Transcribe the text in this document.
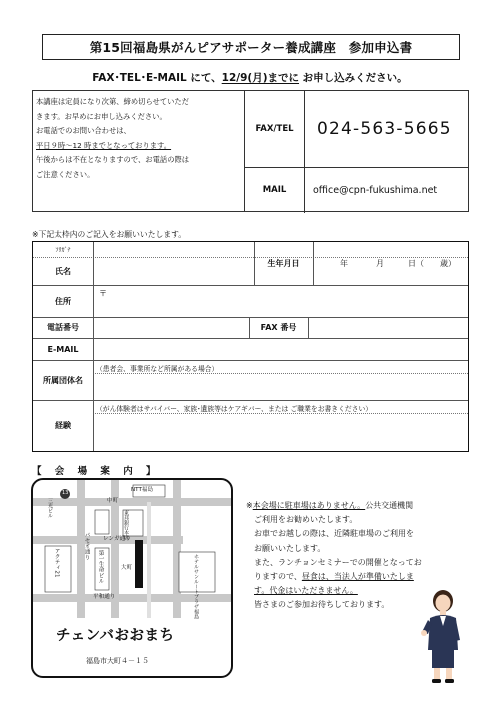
第15回福島県がんピアサポーター養成講座　参加申込書
FAX･TEL･E-MAIL にて、12/9(月)までに お申し込みください。
本講座は定員になり次第、締め切らせていただ
きます。お早めにお申し込みください。
お電話でのお問い合わせは、
平日９時～12 時までとなっております。
午後からは不在となりますので、お電話の際は
ご注意ください。
FAX/TEL	024-563-5665
MAIL	office@cpn-fukushima.net
※下記太枠内のご記入をお願いいたします。
ﾌﾘｶﾞﾅ
氏名
生年月日	年	月	日（ 歳）
住所
〒
電話番号	FAX 番号
E-MAIL
所属団体名
（患者会、事業所など所属がある場合）
経験
（がん体験者はサバイバー、家族･遺族等はケアギバー、または ご職業をお書きください）
【 会 場 案 内 】
NTT福島
中町
13
三光ビル
東邦銀行本店
レンガ通り
パセオ通り
アクティ21	第一生命ビル	大町	ホテルサンルートプラザ福島
平和通り
チェンバおおまち
福島市大町４－１５

※本会場に駐車場はありません。公共交通機関

ご利用をお勧めいたします。

お車でお越しの際は、近隣駐車場のご利用を

お願いいたします。

また、ランチョンセミナーでの開催となってお

りますので、昼食は、当法人が準備いたしま

す。代金はいただきません。

皆さまのご参加お待ちしております。
